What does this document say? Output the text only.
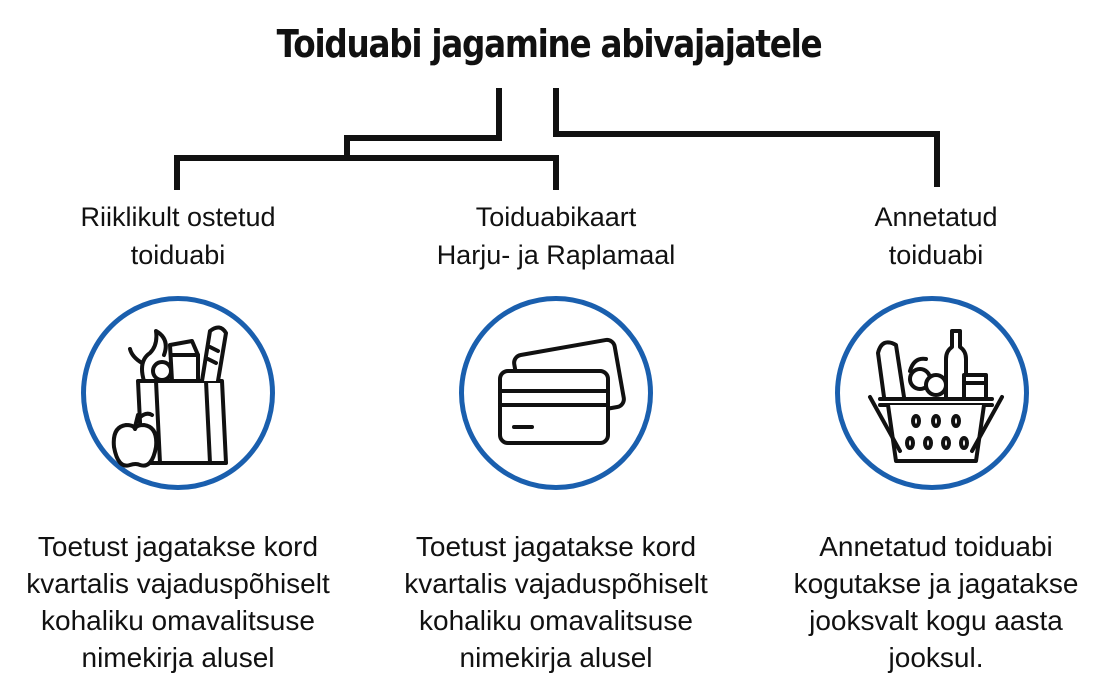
Toiduabi jagamine abivajajatele
Riiklikult ostetud
toiduabi
Toetust jagatakse kord
kvartalis vajaduspõhiselt
kohaliku omavalitsuse
nimekirja alusel
Toiduabikaart
Harju- ja Raplamaal
Toetust jagatakse kord
kvartalis vajaduspõhiselt
kohaliku omavalitsuse
nimekirja alusel
Annetatud
toiduabi
Annetatud toiduabi
kogutakse ja jagatakse
jooksvalt kogu aasta
jooksul.
